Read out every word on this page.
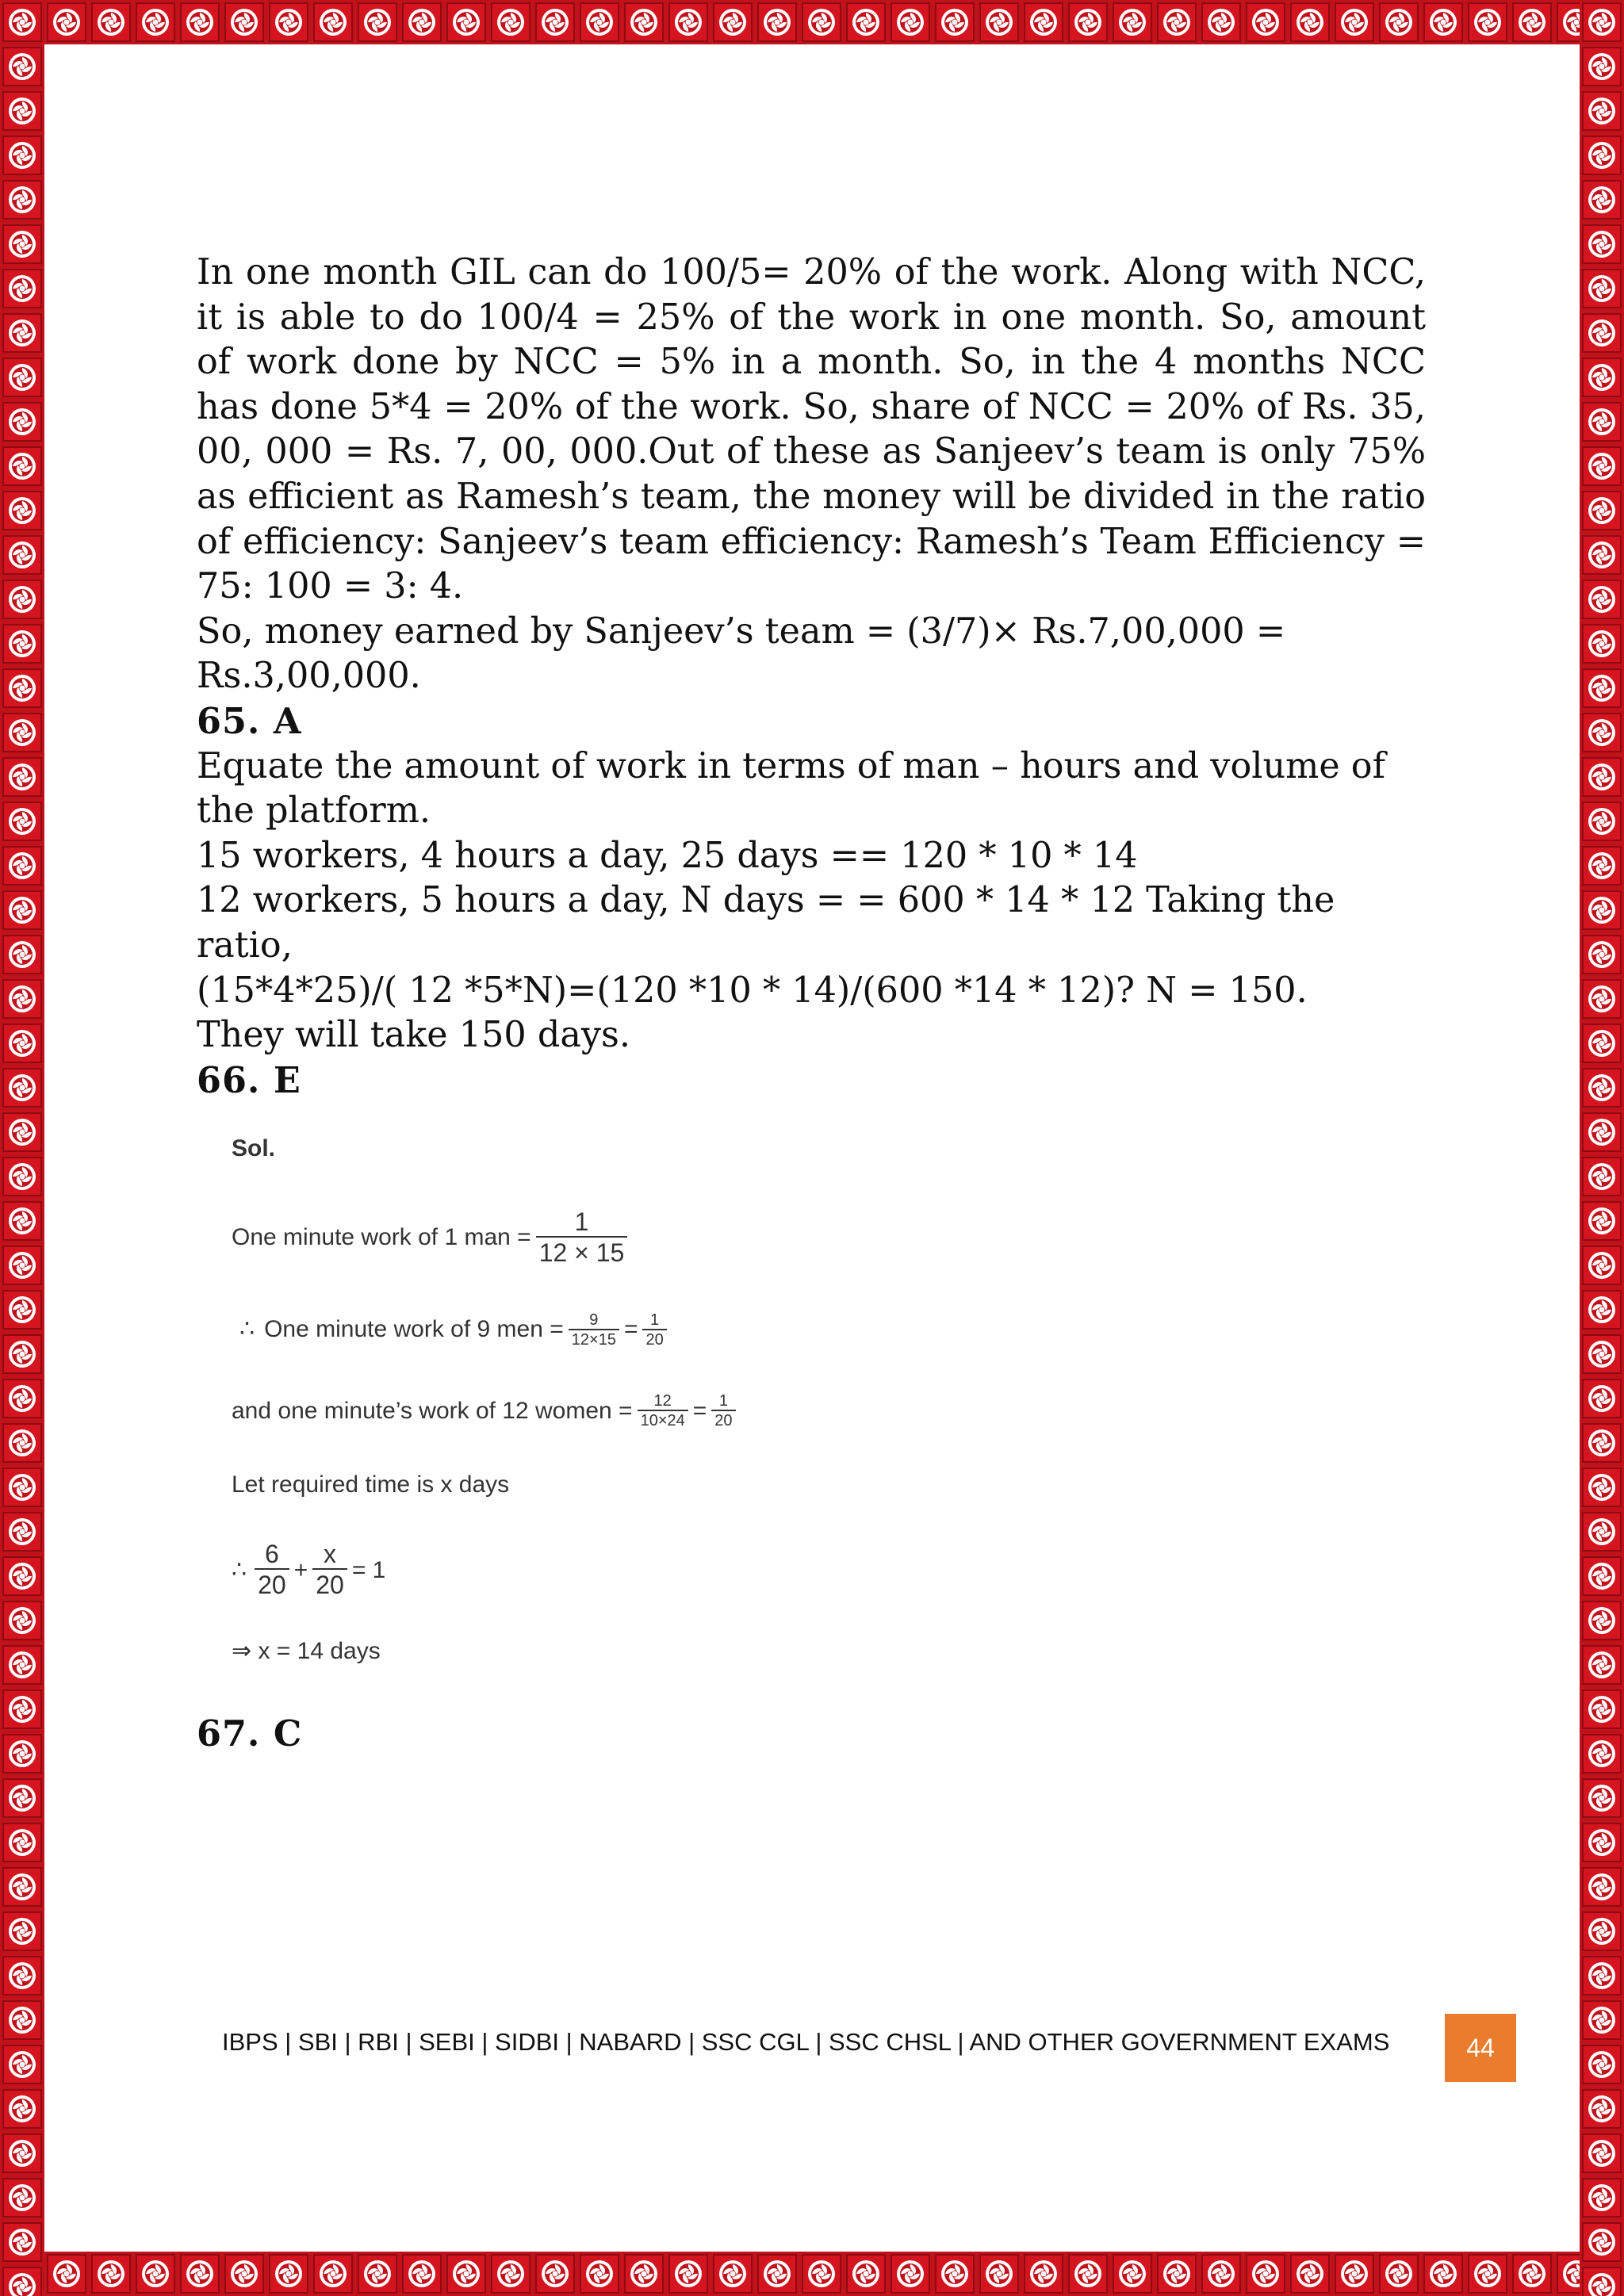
In one month GIL can do 100/5= 20% of the work. Along with NCC, it is able to do 100/4 = 25% of the work in one month. So, amount of work done by NCC = 5% in a month. So, in the 4 months NCC has done 5*4 = 20% of the work. So, share of NCC = 20% of Rs. 35, 00, 000 = Rs. 7, 00, 000.Out of these as Sanjeev’s team is only 75% as efficient as Ramesh’s team, the money will be divided in the ratio of efficiency: Sanjeev’s team efficiency: Ramesh’s Team Efficiency = 75: 100 = 3: 4.

So, money earned by Sanjeev’s team = (3/7)× Rs.7,00,000 = Rs.3,00,000.

65. A

Equate the amount of work in terms of man – hours and volume of the platform.

15 workers, 4 hours a day, 25 days == 120 * 10 * 14

12 workers, 5 hours a day, N days = = 600 * 14 * 12 Taking the ratio,

(15*4*25)/( 12 *5*N)=(120 *10 * 14)/(600 *14 * 12)? N = 150.

They will take 150 days.

66. E

Sol.

One minute work of 1 man = $\frac{1}{12 \times 15}$
∴ One minute work of 9 men = $\frac{9}{12\times 15} = \frac{1}{20}$
and one minute’s work of 12 women = $\frac{12}{10\times 24} = \frac{1}{20}$
Let required time is x days
∴ $\frac{6}{20} + \frac{x}{20} = 1$
⇒ x = 14 days

67. C

IBPS | SBI | RBI | SEBI | SIDBI | NABARD | SSC CGL | SSC CHSL | AND OTHER GOVERNMENT EXAMS	44
